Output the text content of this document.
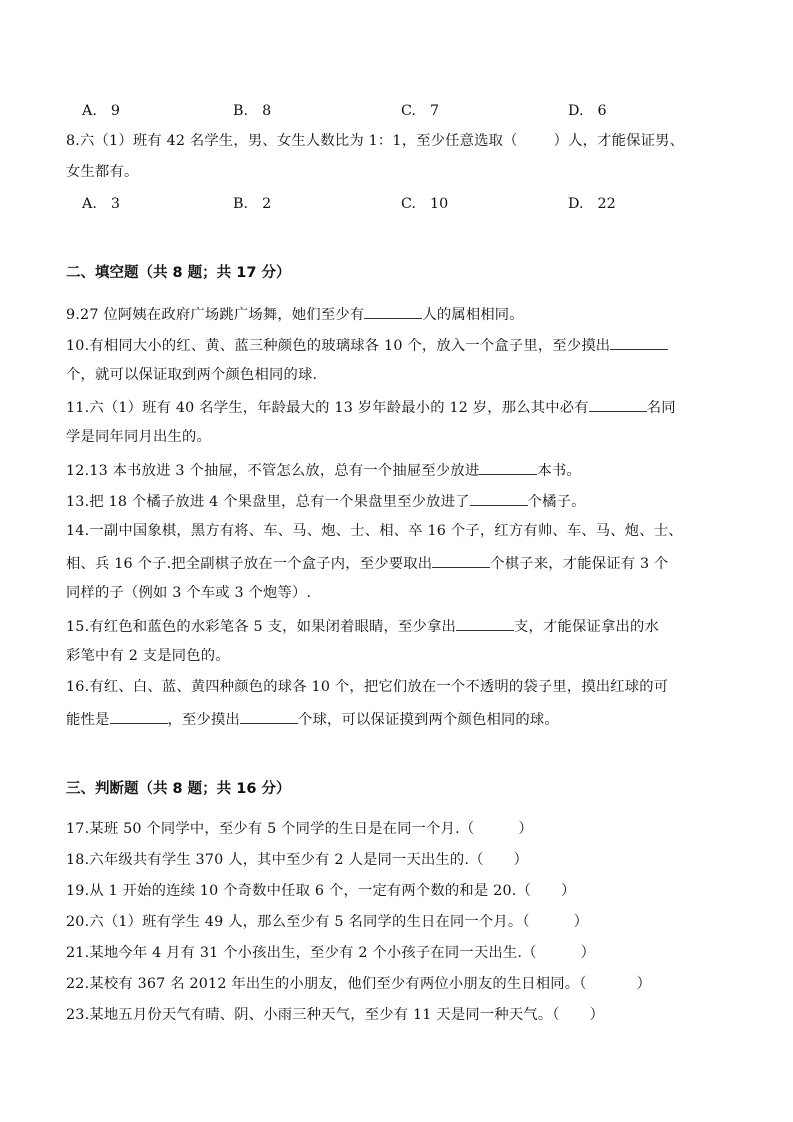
A. 9	B. 8	C. 7	D. 6
8.六（1）班有 42 名学生，男、女生人数比为 1：1，至少任意选取（	）人，才能保证男、
女生都有。
A. 3	B. 2	C. 10	D. 22
二、填空题（共 8 题；共 17 分）
9.27 位阿姨在政府广场跳广场舞，她们至少有	人的属相相同。
10.有相同大小的红、黄、蓝三种颜色的玻璃球各 10 个，放入一个盒子里，至少摸出
个，就可以保证取到两个颜色相同的球.
11.六（1）班有 40 名学生，年龄最大的 13 岁年龄最小的 12 岁，那么其中必有	名同
学是同年同月出生的。
12.13 本书放进 3 个抽屉，不管怎么放，总有一个抽屉至少放进	本书。
13.把 18 个橘子放进 4 个果盘里，总有一个果盘里至少放进了	个橘子。
14.一副中国象棋，黑方有将、车、马、炮、士、相、卒 16 个子，红方有帅、车、马、炮、士、
相、兵 16 个子.把全副棋子放在一个盒子内，至少要取出	个棋子来，才能保证有 3 个
同样的子（例如 3 个车或 3 个炮等）.
15.有红色和蓝色的水彩笔各 5 支，如果闭着眼睛，至少拿出	支，才能保证拿出的水
彩笔中有 2 支是同色的。
16.有红、白、蓝、黄四种颜色的球各 10 个，把它们放在一个不透明的袋子里，摸出红球的可
能性是	，至少摸出	个球，可以保证摸到两个颜色相同的球。
三、判断题（共 8 题；共 16 分）
17.某班 50 个同学中，至少有 5 个同学的生日是在同一个月.（	）
18.六年级共有学生 370 人，其中至少有 2 人是同一天出生的.（ ）
19.从 1 开始的连续 10 个奇数中任取 6 个，一定有两个数的和是 20.（ ）
20.六（1）班有学生 49 人，那么至少有 5 名同学的生日在同一个月。（	）
21.某地今年 4 月有 31 个小孩出生，至少有 2 个小孩子在同一天出生.（	）
22.某校有 367 名 2012 年出生的小朋友，他们至少有两位小朋友的生日相同。（	）
23.某地五月份天气有晴、阴、小雨三种天气，至少有 11 天是同一种天气。（ ）
